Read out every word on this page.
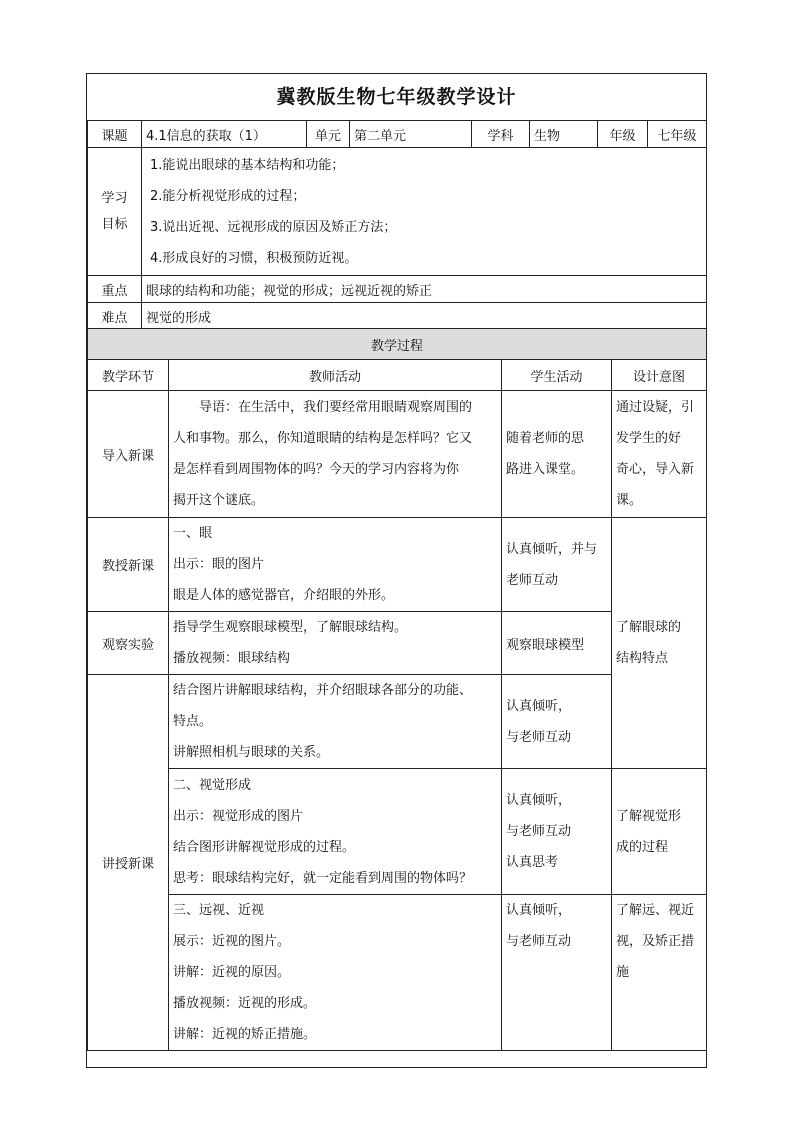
冀教版生物七年级教学设计
课题	4.1信息的获取（1）	单元	第二单元	学科	生物	年级	七年级

学习
目标	1.能说出眼球的基本结构和功能；
2.能分析视觉形成的过程；
3.说出近视、远视形成的原因及矫正方法；
4.形成良好的习惯，积极预防近视。						

重点	眼球的结构和功能；视觉的形成；远视近视的矫正						
难点	视觉的形成						
教学过程			
教学环节	教师活动	学生活动	设计意图
导入新课	导语：在生活中，我们要经常用眼睛观察周围的
人和事物。那么，你知道眼睛的结构是怎样吗？它又
是怎样看到周围物体的吗？今天的学习内容将为你
揭开这个谜底。	随着老师的思
路进入课堂。	通过设疑，引
发学生的好
奇心，导入新
课。

教授新课	一、眼
出示：眼的图片
眼是人体的感觉器官，介绍眼的外形。	认真倾听，并与
老师互动	了解眼球的
结构特点

观察实验	指导学生观察眼球模型，了解眼球结构。
播放视频：眼球结构	观察眼球模型	
讲授新课	结合图片讲解眼球结构，并介绍眼球各部分的功能、
特点。
讲解照相机与眼球的关系。	认真倾听，
与老师互动	

	二、视觉形成
出示：视觉形成的图片
结合图形讲解视觉形成的过程。
思考：眼球结构完好，就一定能看到周围的物体吗？	认真倾听，
与老师互动
认真思考	了解视觉形
成的过程

	三、远视、近视
展示：近视的图片。
讲解：近视的原因。
播放视频：近视的形成。
讲解：近视的矫正措施。	认真倾听，
与老师互动	了解远、视近
视，及矫正措
施
